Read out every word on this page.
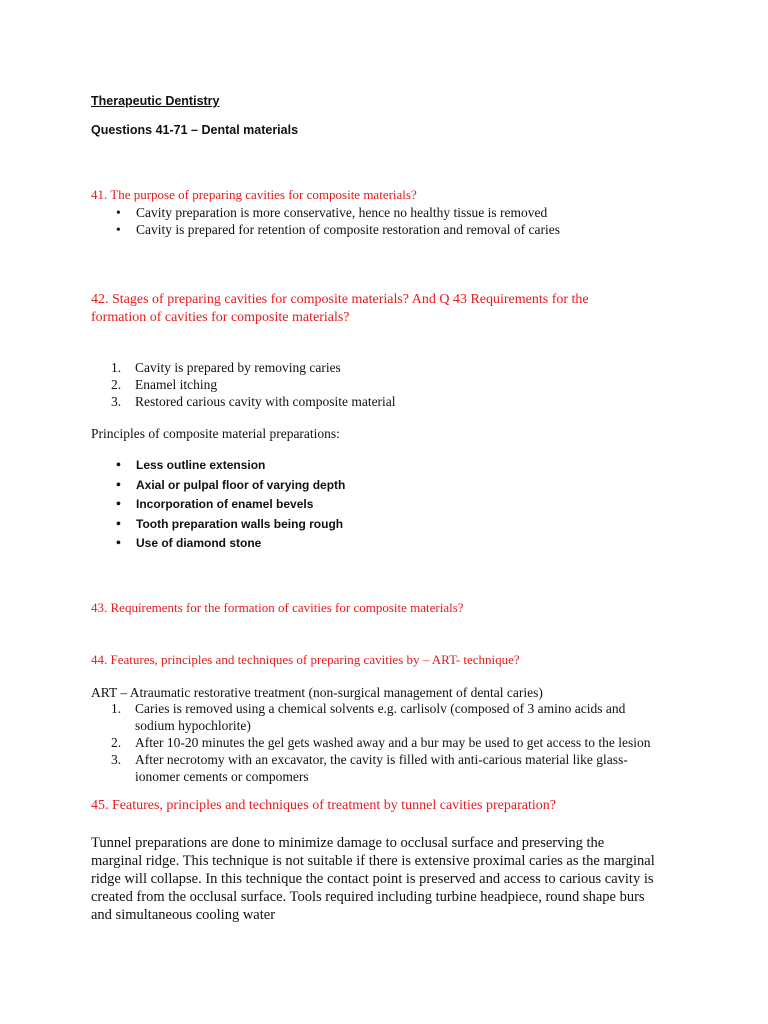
Therapeutic Dentistry
Questions 41-71 – Dental materials
41. The purpose of preparing cavities for composite materials?
• Cavity preparation is more conservative, hence no healthy tissue is removed
• Cavity is prepared for retention of composite restoration and removal of caries
42. Stages of preparing cavities for composite materials? And Q 43 Requirements for the formation of cavities for composite materials?
1. Cavity is prepared by removing caries
2. Enamel itching
3. Restored carious cavity with composite material
Principles of composite material preparations:
• Less outline extension
• Axial or pulpal floor of varying depth
• Incorporation of enamel bevels
• Tooth preparation walls being rough
• Use of diamond stone
43. Requirements for the formation of cavities for composite materials?
44. Features, principles and techniques of preparing cavities by – ART- technique?
ART – Atraumatic restorative treatment (non-surgical management of dental caries)
1. Caries is removed using a chemical solvents e.g. carlisolv (composed of 3 amino acids and
sodium hypochlorite)
2. After 10-20 minutes the gel gets washed away and a bur may be used to get access to the lesion
3. After necrotomy with an excavator, the cavity is filled with anti-carious material like glass-
ionomer cements or compomers
45. Features, principles and techniques of treatment by tunnel cavities preparation?
Tunnel preparations are done to minimize damage to occlusal surface and preserving the
marginal ridge. This technique is not suitable if there is extensive proximal caries as the marginal
ridge will collapse. In this technique the contact point is preserved and access to carious cavity is
created from the occlusal surface. Tools required including turbine headpiece, round shape burs
and simultaneous cooling water
